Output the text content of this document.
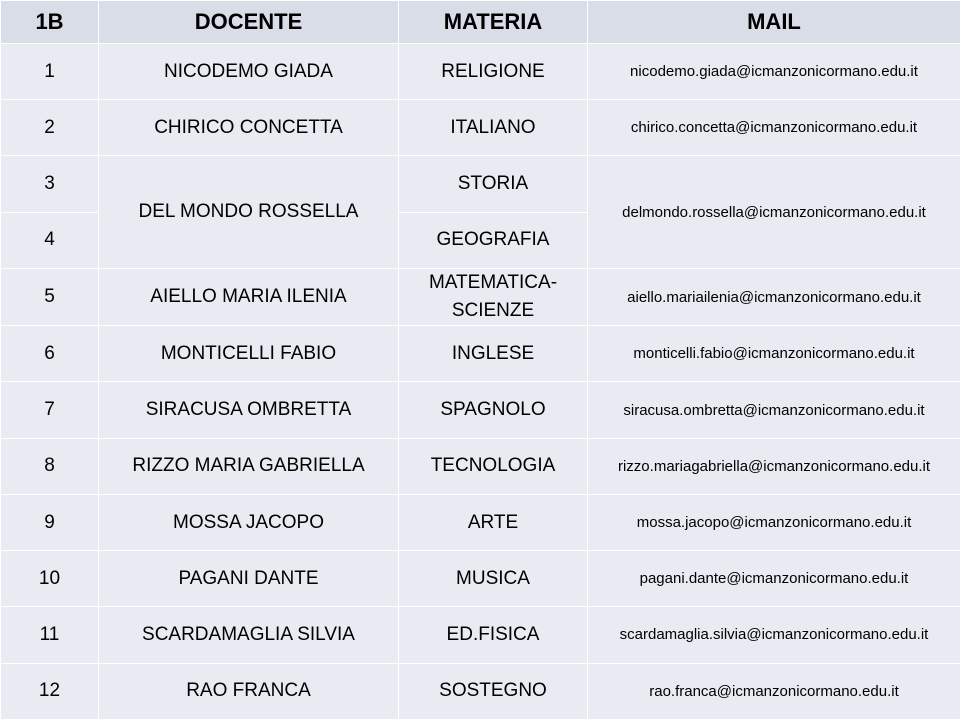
1B	DOCENTE	MATERIA	MAIL
1	NICODEMO GIADA	RELIGIONE	nicodemo.giada@icmanzonicormano.edu.it
2	CHIRICO CONCETTA	ITALIANO	chirico.concetta@icmanzonicormano.edu.it
3	DEL MONDO ROSSELLA	STORIA	delmondo.rossella@icmanzonicormano.edu.it
4		GEOGRAFIA	
5	AIELLO MARIA ILENIA	MATEMATICA-
SCIENZE	aiello.mariailenia@icmanzonicormano.edu.it
6	MONTICELLI FABIO	INGLESE	monticelli.fabio@icmanzonicormano.edu.it
7	SIRACUSA OMBRETTA	SPAGNOLO	siracusa.ombretta@icmanzonicormano.edu.it
8	RIZZO MARIA GABRIELLA	TECNOLOGIA	rizzo.mariagabriella@icmanzonicormano.edu.it
9	MOSSA JACOPO	ARTE	mossa.jacopo@icmanzonicormano.edu.it
10	PAGANI DANTE	MUSICA	pagani.dante@icmanzonicormano.edu.it
11	SCARDAMAGLIA SILVIA	ED.FISICA	scardamaglia.silvia@icmanzonicormano.edu.it
12	RAO FRANCA	SOSTEGNO	rao.franca@icmanzonicormano.edu.it
